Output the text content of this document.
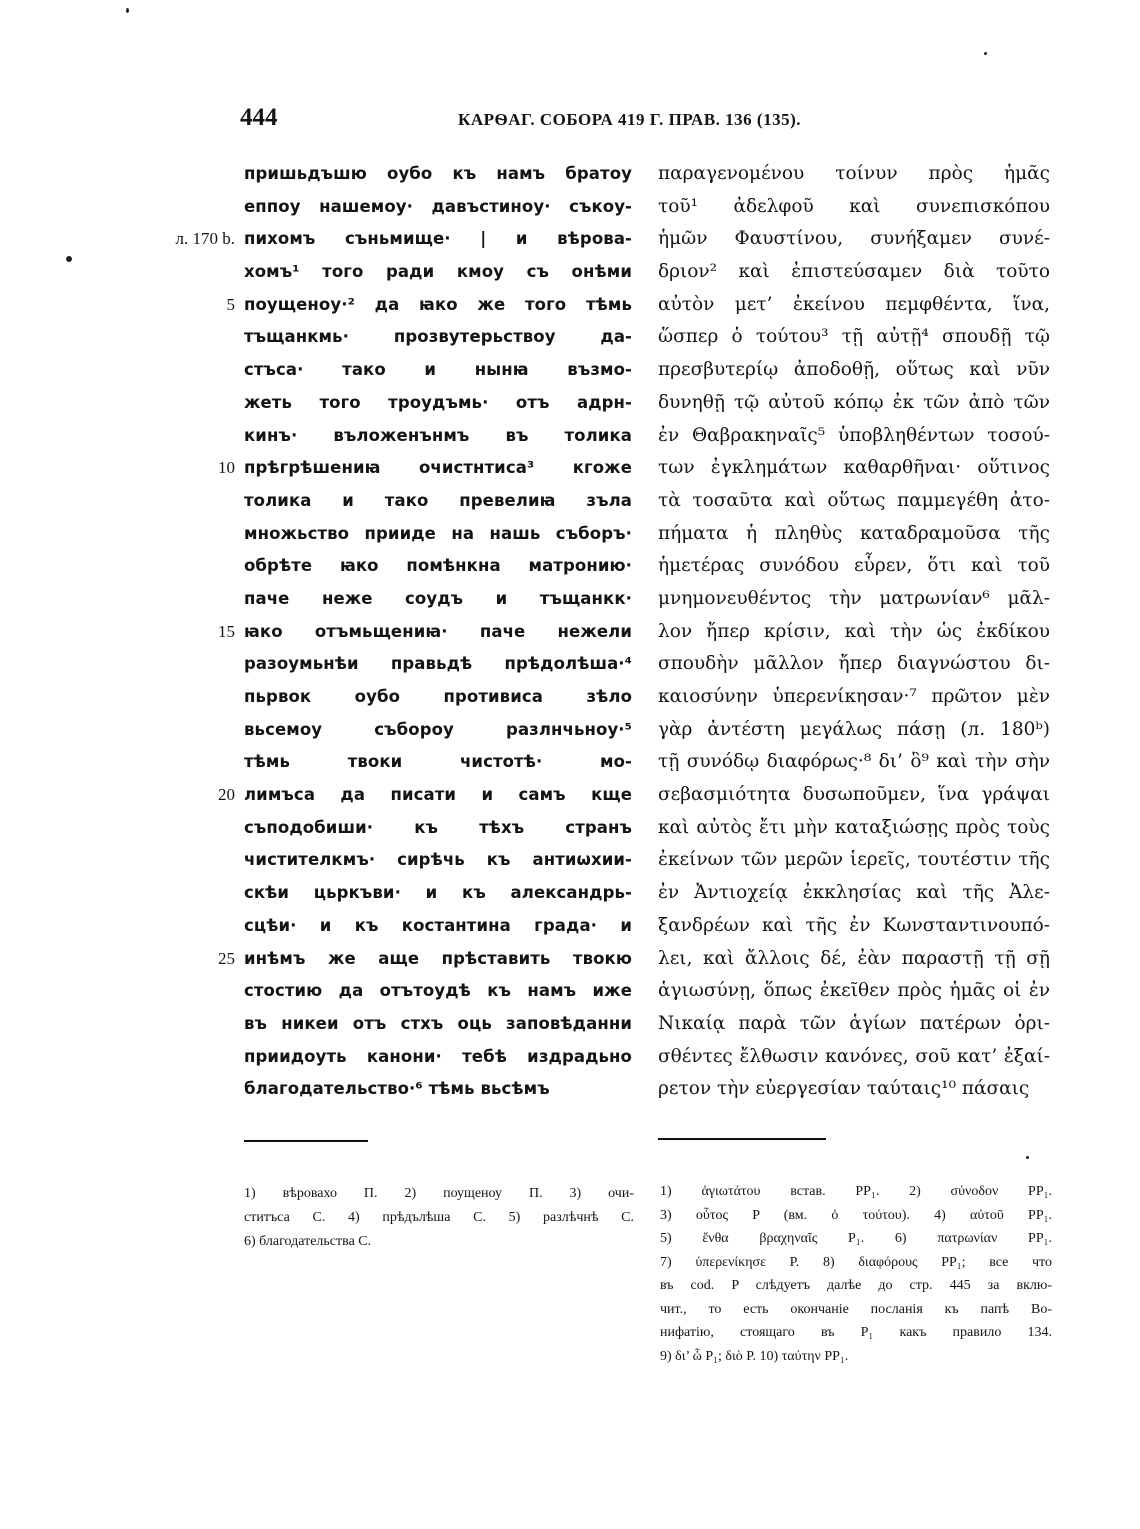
444	КАРѲАГ. СОБОРА 419 Г. ПРАВ. 136 (135).
л. 170 b.
5
10
15
20
25
пришьдъшю оубо къ намъ братоу
еппоу нашемоу· давъстиноу· съкоу-
пихомъ съньмище· | и вѣрова-
хомъ¹ того ради кмоу съ онѣми
поущеноу·² да ꙗко же того тѣмь
тъщанкмь· прозвутерьствоу да-
стъса· тако и нынꙗ възмо-
жеть того троудъмь· отъ адрн-
кинъ· въложенънмъ въ толика
прѣгрѣшениꙗ очистнтиса³ кгоже
толика и тако превелиꙗ зъла
множьство прииде на нашь съборъ·
обрѣте ꙗко помѣнкна матронию·
паче неже соудъ и тъщанкк·
ꙗко отъмьщениꙗ· паче нежели
разоумьнѣи правьдѣ прѣдолѣша·⁴
пьрвок оубо противиса зѣло
вьсемоу събороу разлнчьноу·⁵
тѣмь твоки чистотѣ· мо-
лимъса да писати и самъ кще
съподобиши· къ тѣхъ странъ
чистителкмъ· сирѣчь къ антиѡхии-
скѣи цьркъви· и къ александрь-
сцѣи· и къ костантина града· и
инѣмъ же аще прѣставить твокю
стостию да отътоудѣ къ намъ иже
въ никеи отъ стхъ оць заповѣданни
приидоуть канони· тебѣ издрадьно
благодательство·⁶ тѣмь вьсѣмъ
παραγενομένου τοίνυν πρὸς ἡμᾶς
τοῦ¹ ἀδελφοῦ καὶ συνεπισκόπου
ἡμῶν Φαυστίνου, συνήξαμεν συνέ-
δριον² καὶ ἐπιστεύσαμεν διὰ τοῦτο
αὐτὸν μετ’ ἐκείνου πεμφθέντα, ἵνα,
ὥσπερ ὁ τούτου³ τῇ αὐτῇ⁴ σπουδῇ τῷ
πρεσβυτερίῳ ἀποδοθῇ, οὕτως καὶ νῦν
δυνηθῇ τῷ αὐτοῦ κόπῳ ἐκ τῶν ἀπὸ τῶν
ἐν Θαβρακηναῖς⁵ ὑποβληθέντων τοσού-
των ἐγκλημάτων καθαρθῆναι· οὕτινος
τὰ τοσαῦτα καὶ οὕτως παμμεγέθη ἀτο-
πήματα ἡ πληθὺς καταδραμοῦσα τῆς
ἡμετέρας συνόδου εὗρεν, ὅτι καὶ τοῦ
μνημονευθέντος τὴν ματρωνίαν⁶ μᾶλ-
λον ἤπερ κρίσιν, καὶ τὴν ὡς ἐκδίκου
σπουδὴν μᾶλλον ἤπερ διαγνώστου δι-
καιοσύνην ὑπερενίκησαν·⁷ πρῶτον μὲν
γὰρ ἀντέστη μεγάλως πάσῃ (л. 180ᵇ)
τῇ συνόδῳ διαφόρως·⁸ δι’ ὃ⁹ καὶ τὴν σὴν
σεβασμιότητα δυσωποῦμεν, ἵνα γράψαι
καὶ αὐτὸς ἔτι μὴν καταξιώσῃς πρὸς τοὺς
ἐκείνων τῶν μερῶν ἱερεῖς, τουτέστιν τῆς
ἐν Ἀντιοχείᾳ ἐκκλησίας καὶ τῆς Ἀλε-
ξανδρέων καὶ τῆς ἐν Κωνσταντινουπό-
λει, καὶ ἄλλοις δέ, ἐὰν παραστῇ τῇ σῇ
ἁγιωσύνῃ, ὅπως ἐκεῖθεν πρὸς ἡμᾶς οἱ ἐν
Νικαίᾳ παρὰ τῶν ἁγίων πατέρων ὁρι-
σθέντες ἔλθωσιν κανόνες, σοῦ κατ’ ἐξαί-
ρετον τὴν εὐεργεσίαν ταύταις¹⁰ πάσαις
1) вѣровахо П. 2) поущеноу П. 3) очи-
ститъса С. 4) прѣдълѣша С. 5) разлѣчнѣ С.
6) благодательства С.
1) ἁγιωτάτου встав. PP₁. 2) σύνοδον PP₁.
3) οὗτος P (вм. ὁ τούτου). 4) αὐτοῦ PP₁.
5) ἔνθα βραχηναῖς P₁. 6) πατρωνίαν PP₁.
7) ὑπερενίκησε P. 8) διαφόρους PP₁; все что
въ cod. P слѣдуетъ далѣе до стр. 445 за вклю-
чит., то есть окончаніе посланія къ папѣ Во-
нифатію, стоящаго въ P₁ какъ правило 134.
9) δι’ ὧ P₁; διὸ P. 10) ταύτην PP₁.
